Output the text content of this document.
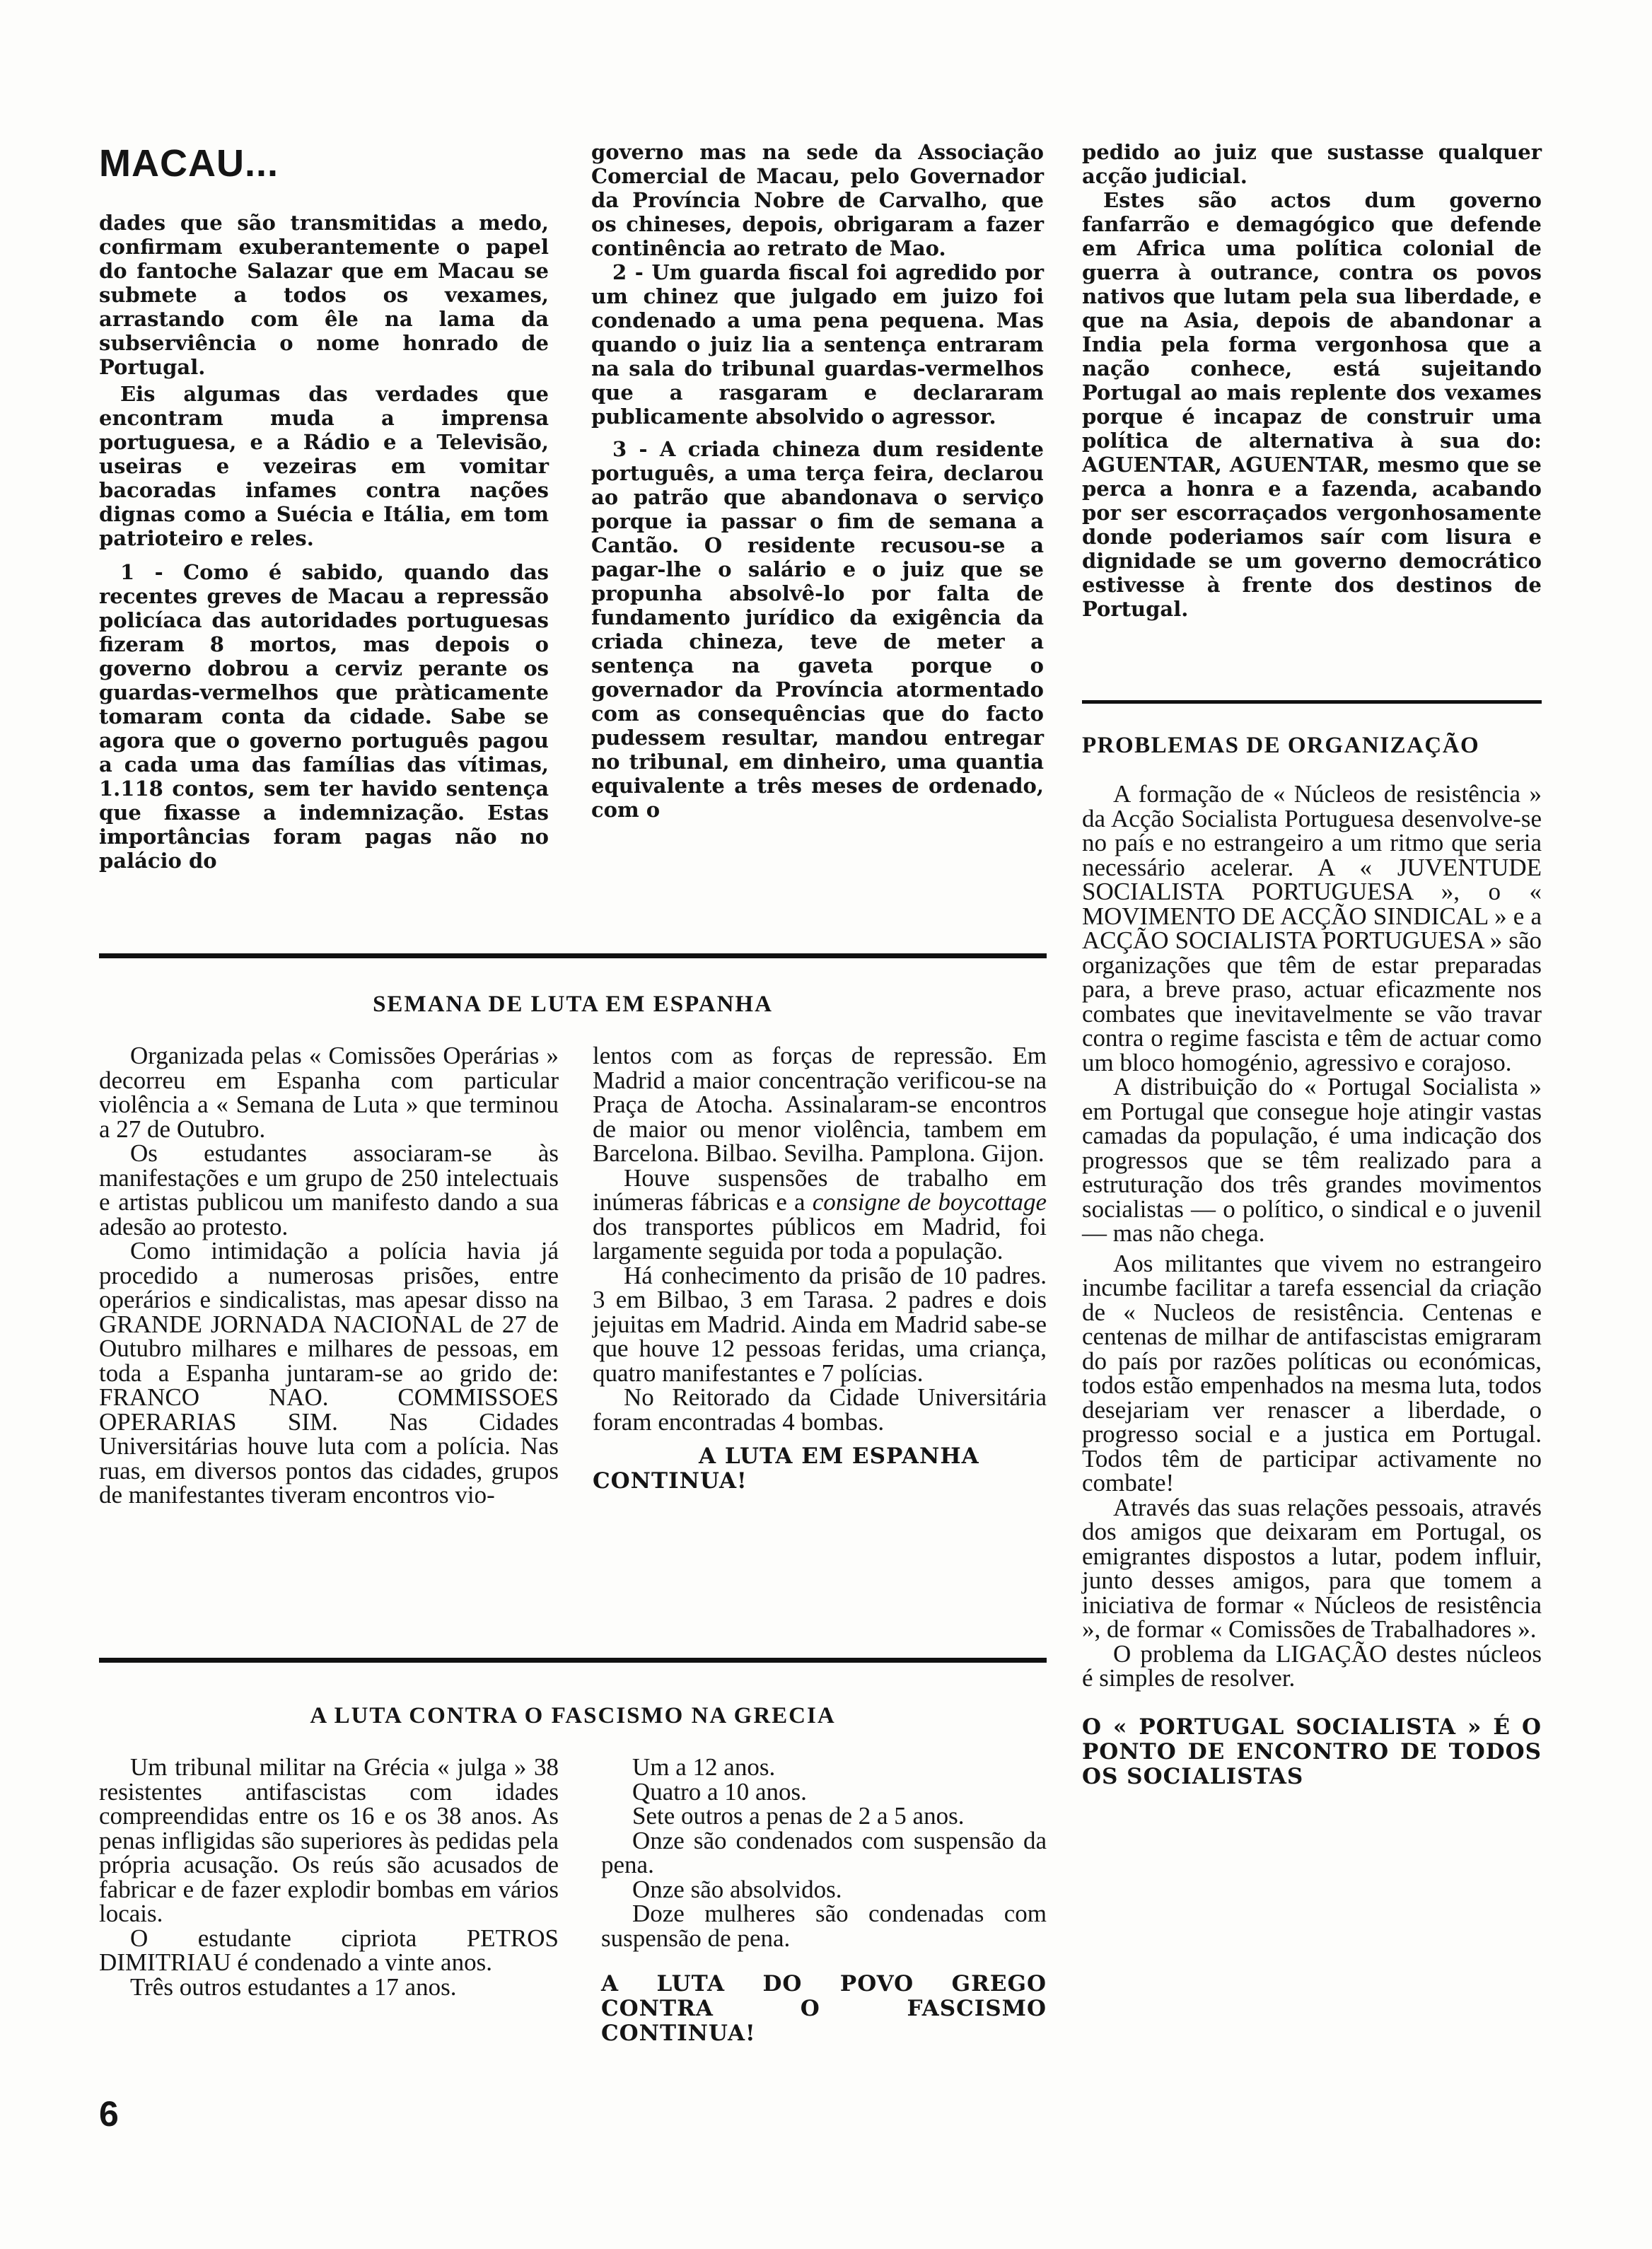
MACAU...

dades que são transmitidas a medo, confirmam exuberantemente o papel do fantoche Salazar que em Macau se submete a todos os vexames, arrastando com êle na lama da subserviência o nome honrado de Portugal.

Eis algumas das verdades que encontram muda a imprensa portuguesa, e a Rádio e a Televisão, useiras e vezeiras em vomitar bacoradas infames contra nações dignas como a Suécia e Itália, em tom patrioteiro e reles.

1 - Como é sabido, quando das recentes greves de Macau a repressão policíaca das autoridades portuguesas fizeram 8 mortos, mas depois o governo dobrou a cerviz perante os guardas-vermelhos que pràticamente tomaram conta da cidade. Sabe se agora que o governo português pagou a cada uma das famílias das vítimas, 1.118 contos, sem ter havido sentença que fixasse a indemnização. Estas importâncias foram pagas não no palácio do

governo mas na sede da Associação Comercial de Macau, pelo Governador da Província Nobre de Carvalho, que os chineses, depois, obrigaram a fazer continência ao retrato de Mao.

2 - Um guarda fiscal foi agredido por um chinez que julgado em juizo foi condenado a uma pena pequena. Mas quando o juiz lia a sentença entraram na sala do tribunal guardas-vermelhos que a rasgaram e declararam publicamente absolvido o agressor.

3 - A criada chineza dum residente português, a uma terça feira, declarou ao patrão que abandonava o serviço porque ia passar o fim de semana a Cantão. O residente recusou-se a pagar-lhe o salário e o juiz que se propunha absolvê-lo por falta de fundamento jurídico da exigência da criada chineza, teve de meter a sentença na gaveta porque o governador da Província atormentado com as consequências que do facto pudessem resultar, mandou entregar no tribunal, em dinheiro, uma quantia equivalente a três meses de ordenado, com o

pedido ao juiz que sustasse qualquer acção judicial.

Estes são actos dum governo fanfarrão e demagógico que defende em Africa uma política colonial de guerra à outrance, contra os povos nativos que lutam pela sua liberdade, e que na Asia, depois de abandonar a India pela forma vergonhosa que a nação conhece, está sujeitando Portugal ao mais replente dos vexames porque é incapaz de construir uma política de alternativa à sua do: AGUENTAR, AGUENTAR, mesmo que se perca a honra e a fazenda, acabando por ser escorraçados vergonhosamente donde poderiamos saír com lisura e dignidade se um governo democrático estivesse à frente dos destinos de Portugal.

SEMANA DE LUTA EM ESPANHA

Organizada pelas « Comissões Operárias » decorreu em Espanha com particular violência a « Semana de Luta » que terminou a 27 de Outubro.

Os estudantes associaram-se às manifestações e um grupo de 250 intelectuais e artistas publicou um manifesto dando a sua adesão ao protesto.

Como intimidação a polícia havia já procedido a numerosas prisões, entre operários e sindicalistas, mas apesar disso na GRANDE JORNADA NACIONAL de 27 de Outubro milhares e milhares de pessoas, em toda a Espanha juntaram-se ao grido de: FRANCO NAO. COMMISSOES OPERARIAS SIM. Nas Cidades Universitárias houve luta com a polícia. Nas ruas, em diversos pontos das cidades, grupos de manifestantes tiveram encontros vio-

lentos com as forças de repressão. Em Madrid a maior concentração verificou-se na Praça de Atocha. Assinalaram-se encontros de maior ou menor violência, tambem em Barcelona. Bilbao. Sevilha. Pamplona. Gijon.

Houve suspensões de trabalho em inúmeras fábricas e a consigne de boycottage dos transportes públicos em Madrid, foi largamente seguida por toda a população.

Há conhecimento da prisão de 10 padres. 3 em Bilbao, 3 em Tarasa. 2 padres e dois jejuitas em Madrid. Ainda em Madrid sabe-se que houve 12 pessoas feridas, uma criança, quatro manifestantes e 7 polícias.

No Reitorado da Cidade Universitária foram encontradas 4 bombas.

A LUTA EM ESPANHA CONTINUA!

A LUTA CONTRA O FASCISMO NA GRECIA

Um tribunal militar na Grécia « julga » 38 resistentes antifascistas com idades compreendidas entre os 16 e os 38 anos. As penas infligidas são superiores às pedidas pela própria acusação. Os reús são acusados de fabricar e de fazer explodir bombas em vários locais.

O estudante cipriota PETROS DIMITRIAU é condenado a vinte anos.

Três outros estudantes a 17 anos.

Um a 12 anos.

Quatro a 10 anos.

Sete outros a penas de 2 a 5 anos.

Onze são condenados com suspensão da pena.

Onze são absolvidos.

Doze mulheres são condenadas com suspensão de pena.

A LUTA DO POVO GREGO CONTRA O FASCISMO CONTINUA!

PROBLEMAS DE ORGANIZAÇÃO

A formação de « Núcleos de resistência » da Acção Socialista Portuguesa desenvolve-se no país e no estrangeiro a um ritmo que seria necessário acelerar. A « JUVENTUDE SOCIALISTA PORTUGUESA », o « MOVIMENTO DE ACÇÃO SINDICAL » e a ACÇÃO SOCIALISTA PORTUGUESA » são organizações que têm de estar preparadas para, a breve praso, actuar eficazmente nos combates que inevitavelmente se vão travar contra o regime fascista e têm de actuar como um bloco homogénio, agressivo e corajoso.

A distribuição do « Portugal Socialista » em Portugal que consegue hoje atingir vastas camadas da população, é uma indicação dos progressos que se têm realizado para a estruturação dos três grandes movimentos socialistas — o político, o sindical e o juvenil — mas não chega.

Aos militantes que vivem no estrangeiro incumbe facilitar a tarefa essencial da criação de « Nucleos de resistência. Centenas e centenas de milhar de antifascistas emigraram do país por razões políticas ou económicas, todos estão empenhados na mesma luta, todos desejariam ver renascer a liberdade, o progresso social e a justica em Portugal. Todos têm de participar activamente no combate!

Através das suas relações pessoais, através dos amigos que deixaram em Portugal, os emigrantes dispostos a lutar, podem influir, junto desses amigos, para que tomem a iniciativa de formar « Núcleos de resistência », de formar « Comissões de Trabalhadores ».

O problema da LIGAÇÃO destes núcleos é simples de resolver.

O « PORTUGAL SOCIALISTA » É O PONTO DE ENCONTRO DE TODOS OS SOCIALISTAS

6
